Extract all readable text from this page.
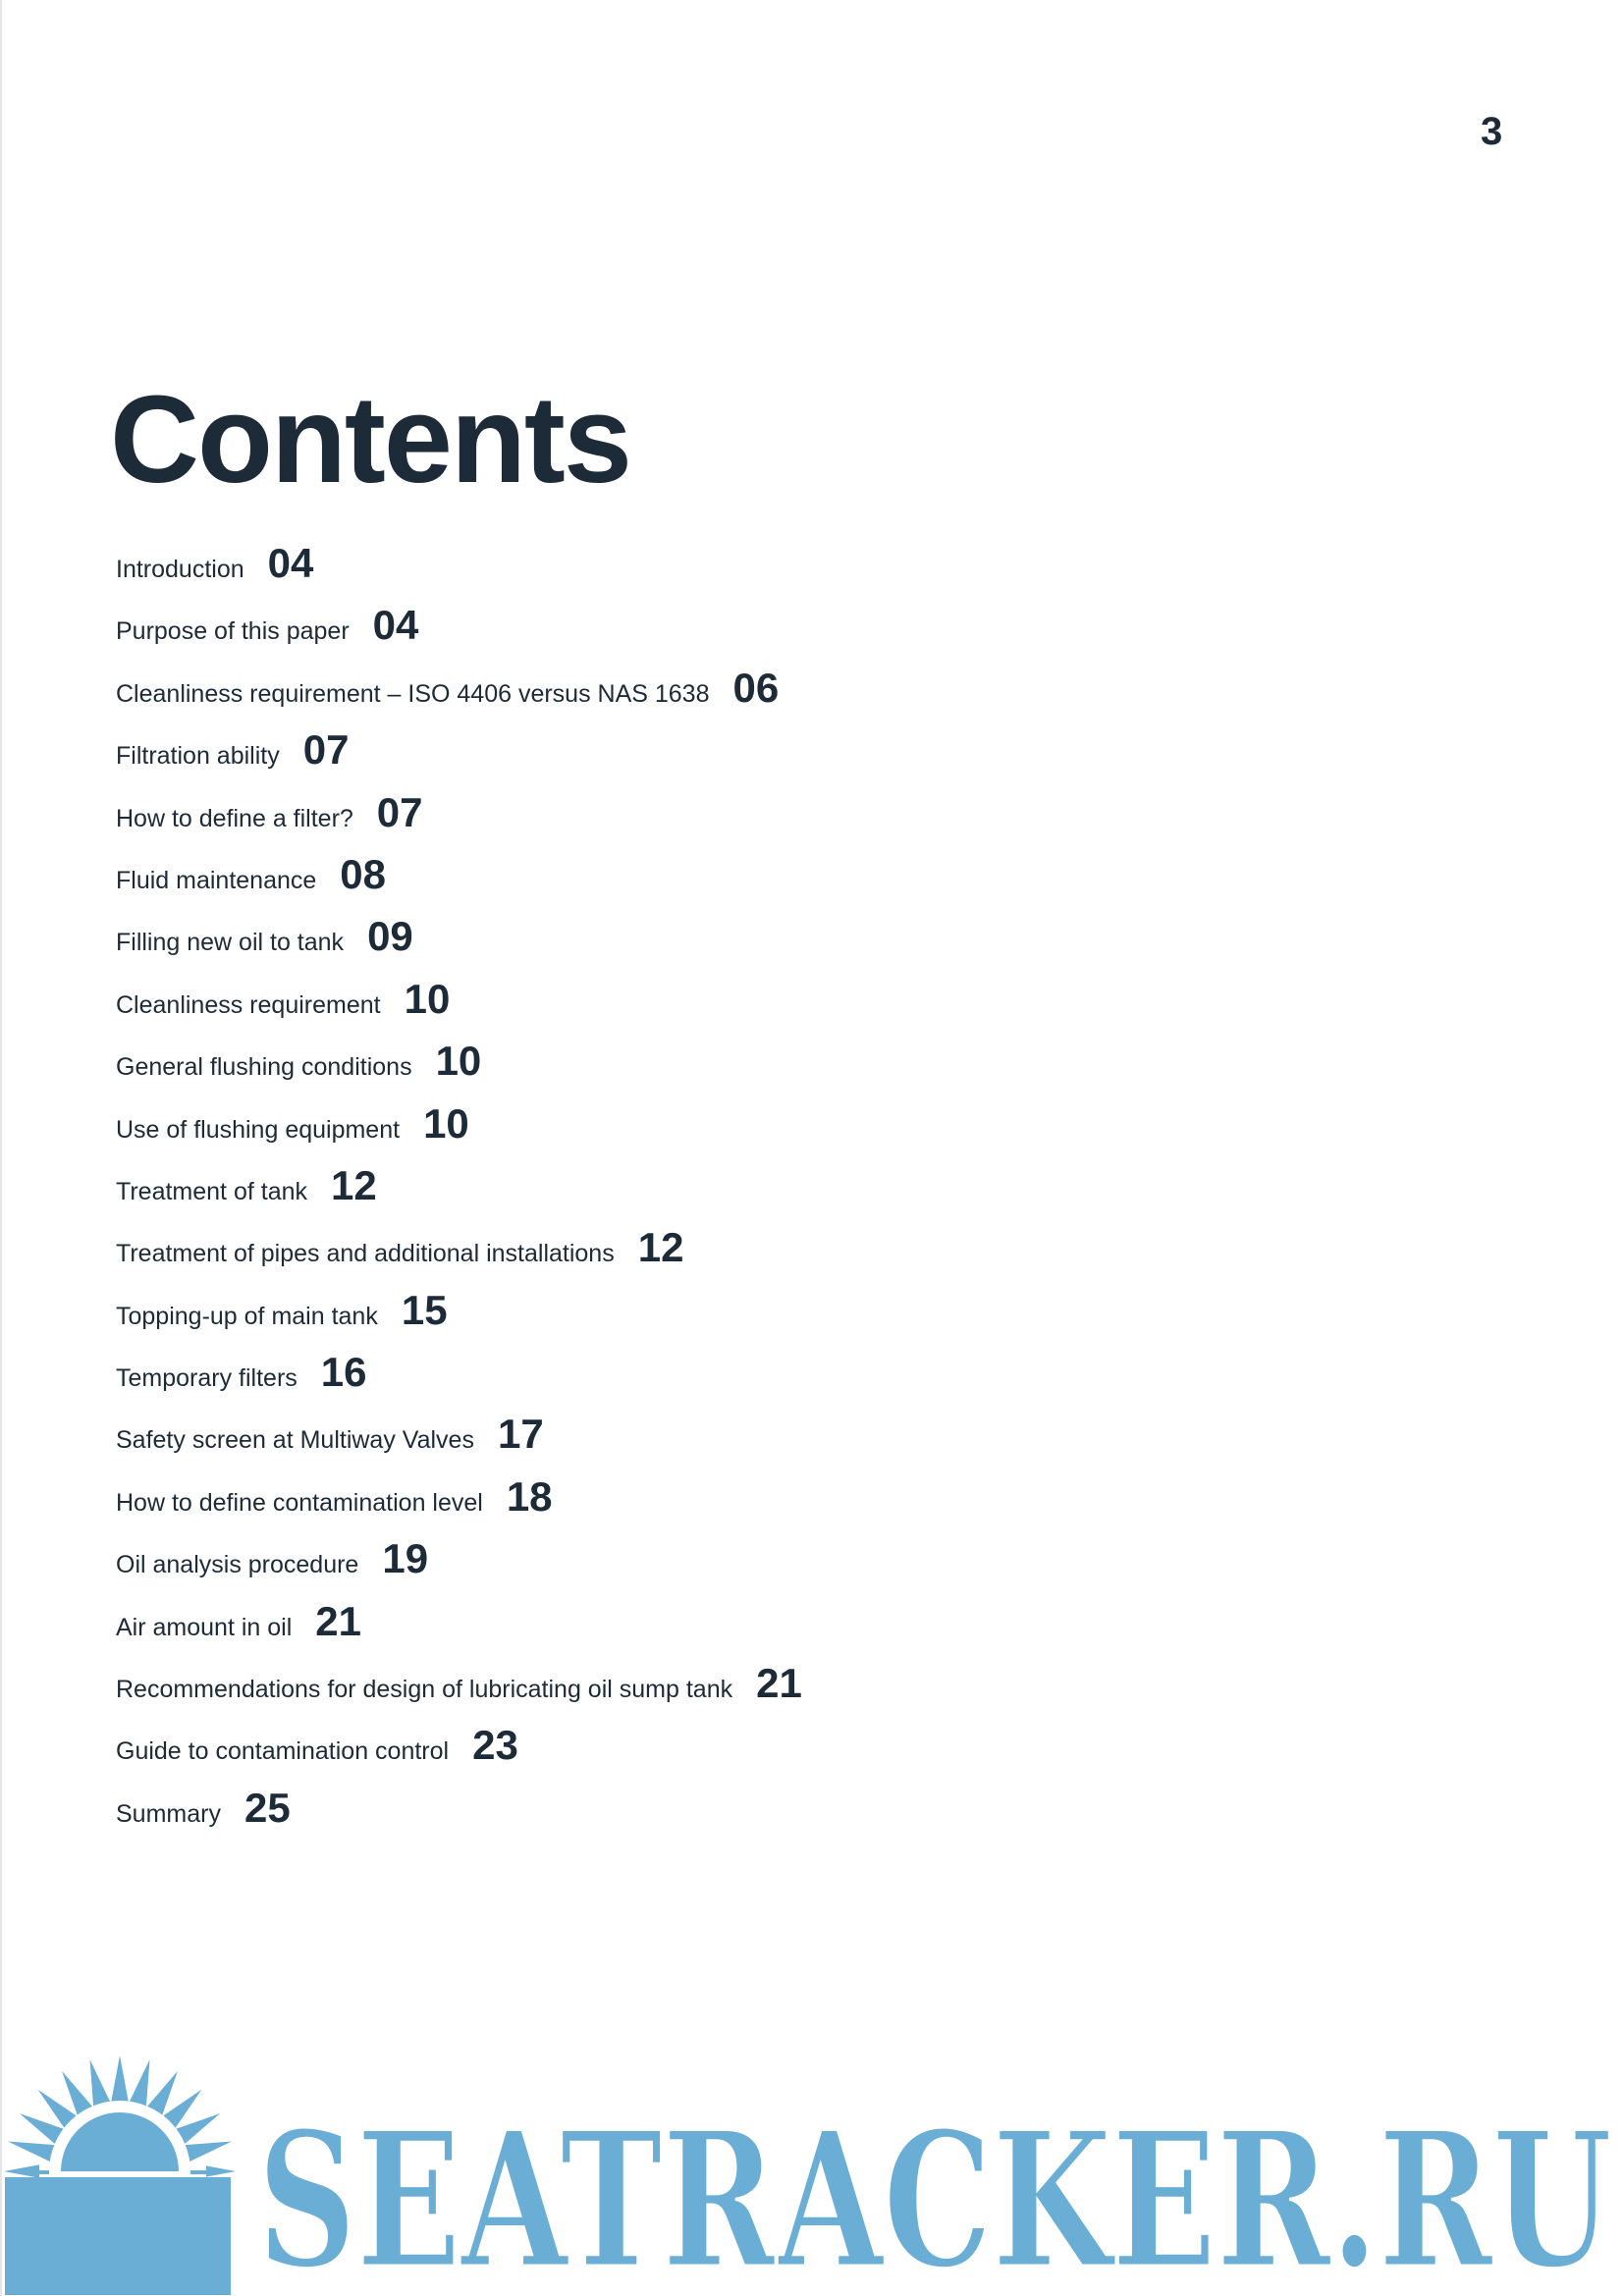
3
Contents
Introduction 04
Purpose of this paper 04
Cleanliness requirement – ISO 4406 versus NAS 1638 06
Filtration ability 07
How to define a filter? 07
Fluid maintenance 08
Filling new oil to tank 09
Cleanliness requirement 10
General flushing conditions 10
Use of flushing equipment 10
Treatment of tank 12
Treatment of pipes and additional installations 12
Topping-up of main tank 15
Temporary filters 16
Safety screen at Multiway Valves 17
How to define contamination level 18
Oil analysis procedure 19
Air amount in oil 21
Recommendations for design of lubricating oil sump tank 21
Guide to contamination control 23
Summary 25
SEATRACKER.RU
